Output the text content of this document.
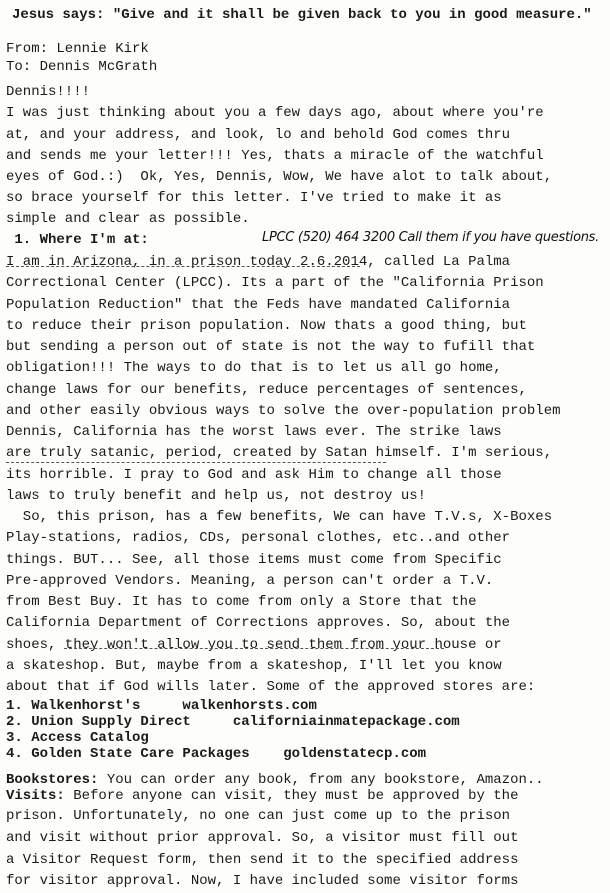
Jesus says: "Give and it shall be given back to you in good measure."
From: Lennie Kirk
To: Dennis McGrath
Dennis!!!!
I was just thinking about you a few days ago, about where you're
at, and your address, and look, lo and behold God comes thru
and sends me your letter!!! Yes, thats a miracle of the watchful
eyes of God.:)  Ok, Yes, Dennis, Wow, We have alot to talk about,
so brace yourself for this letter. I've tried to make it as
simple and clear as possible.
1. Where I'm at:	LPCC (520) 464 3200 Call them if you have questions.
I am in Arizona, in a prison today 2.6.2014, called La Palma
Correctional Center (LPCC). Its a part of the "California Prison
Population Reduction" that the Feds have mandated California
to reduce their prison population. Now thats a good thing, but
but sending a person out of state is not the way to fufill that
obligation!!! The ways to do that is to let us all go home,
change laws for our benefits, reduce percentages of sentences,
and other easily obvious ways to solve the over-population problem
Dennis, California has the worst laws ever. The strike laws
are truly satanic, period, created by Satan himself. I'm serious,
its horrible. I pray to God and ask Him to change all those
laws to truly benefit and help us, not destroy us!
So, this prison, has a few benefits, We can have T.V.s, X-Boxes
Play-stations, radios, CDs, personal clothes, etc..and other
things. BUT... See, all those items must come from Specific
Pre-approved Vendors. Meaning, a person can't order a T.V.
from Best Buy. It has to come from only a Store that the
California Department of Corrections approves. So, about the
shoes, they won't allow you to send them from your house or
a skateshop. But, maybe from a skateshop, I'll let you know
about that if God wills later. Some of the approved stores are:
1. Walkenhorst's     walkenhorsts.com
2. Union Supply Direct     californiainmatepackage.com
3. Access Catalog
4. Golden State Care Packages    goldenstatecp.com
Bookstores: You can order any book, from any bookstore, Amazon..
Visits: Before anyone can visit, they must be approved by the
prison. Unfortunately, no one can just come up to the prison
and visit without prior approval. So, a visitor must fill out
a Visitor Request form, then send it to the specified address
for visitor approval. Now, I have included some visitor forms
